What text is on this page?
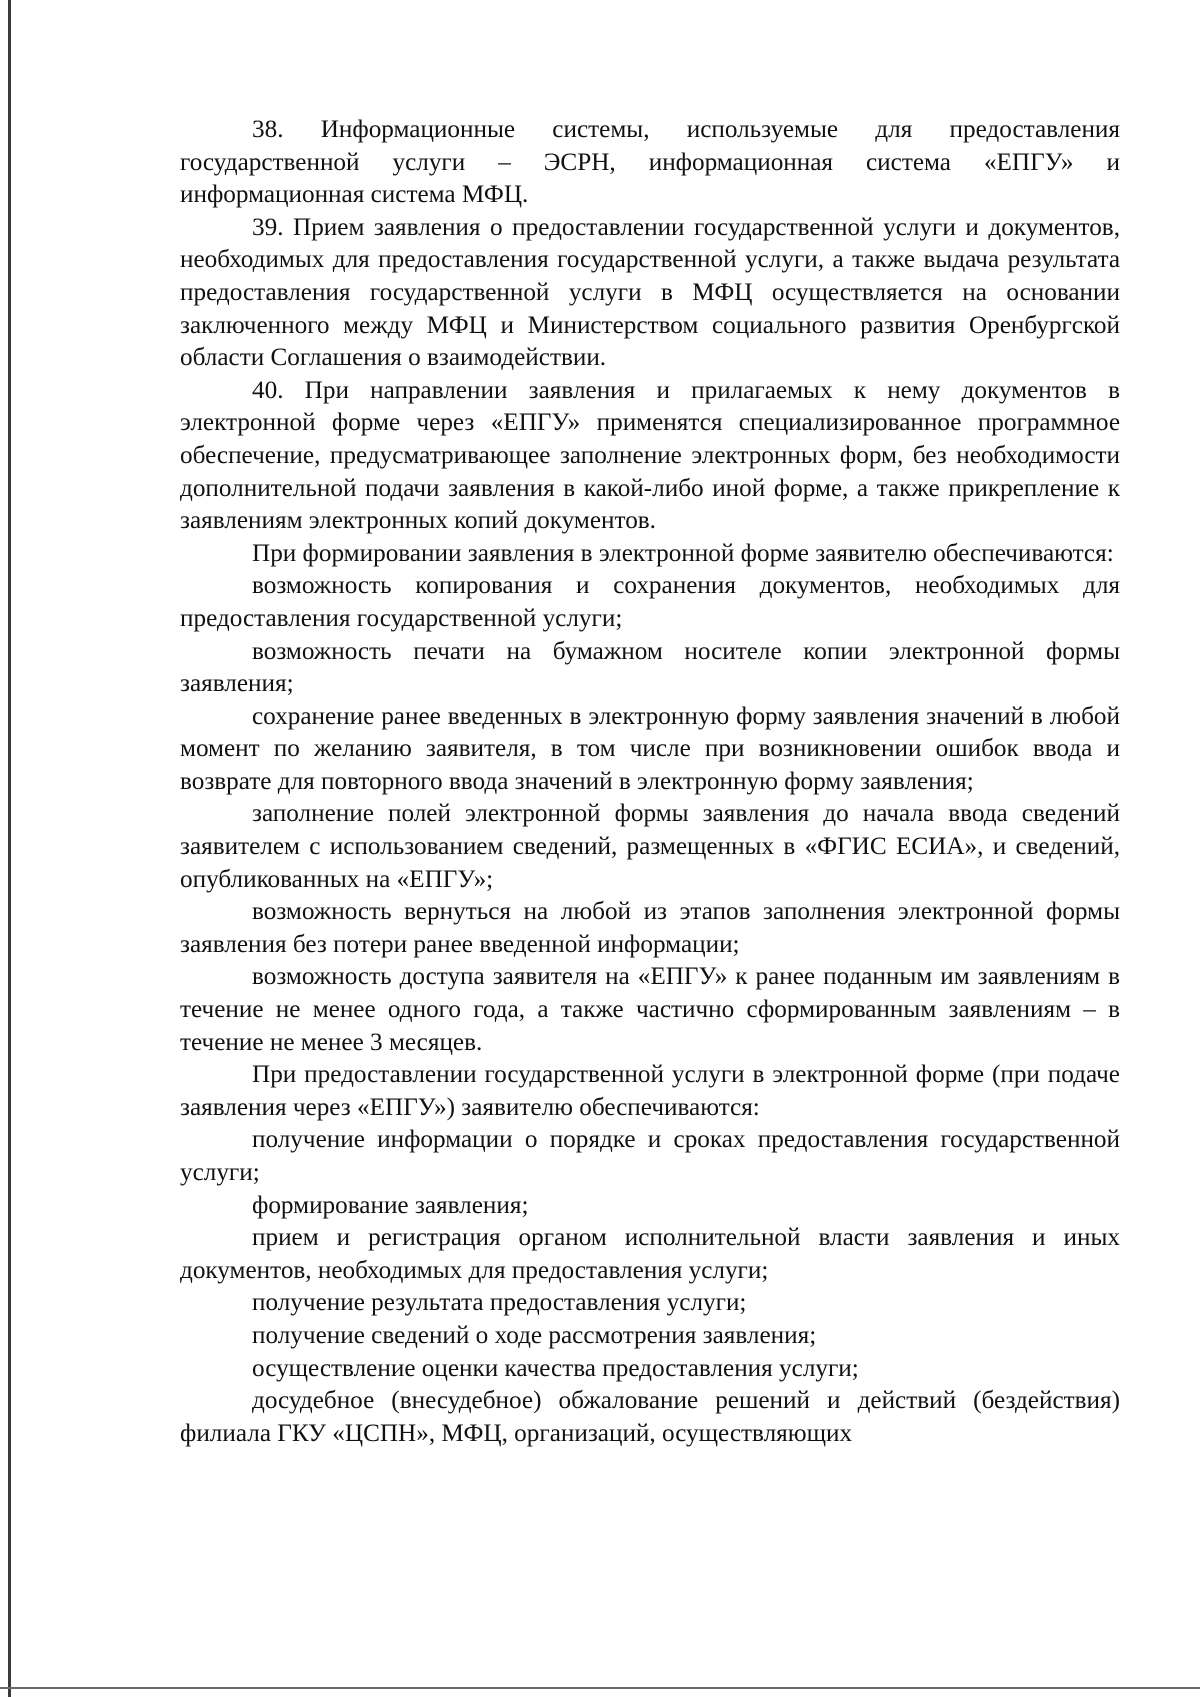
38. Информационные системы, используемые для предоставления государственной услуги – ЭСРН, информационная система «ЕПГУ» и информационная система МФЦ.

39. Прием заявления о предоставлении государственной услуги и документов, необходимых для предоставления государственной услуги, а также выдача результата предоставления государственной услуги в МФЦ осуществляется на основании заключенного между МФЦ и Министерством социального развития Оренбургской области Соглашения о взаимодействии.

40. При направлении заявления и прилагаемых к нему документов в электронной форме через «ЕПГУ» применятся специализированное программное обеспечение, предусматривающее заполнение электронных форм, без необходимости дополнительной подачи заявления в какой-либо иной форме, а также прикрепление к заявлениям электронных копий документов.

При формировании заявления в электронной форме заявителю обеспечиваются:

возможность копирования и сохранения документов, необходимых для предоставления государственной услуги;

возможность печати на бумажном носителе копии электронной формы заявления;

сохранение ранее введенных в электронную форму заявления значений в любой момент по желанию заявителя, в том числе при возникновении ошибок ввода и возврате для повторного ввода значений в электронную форму заявления;

заполнение полей электронной формы заявления до начала ввода сведений заявителем с использованием сведений, размещенных в «ФГИС ЕСИА», и сведений, опубликованных на «ЕПГУ»;

возможность вернуться на любой из этапов заполнения электронной формы заявления без потери ранее введенной информации;

возможность доступа заявителя на «ЕПГУ» к ранее поданным им заявлениям в течение не менее одного года, а также частично сформированным заявлениям – в течение не менее 3 месяцев.

При предоставлении государственной услуги в электронной форме (при подаче заявления через «ЕПГУ») заявителю обеспечиваются:

получение информации о порядке и сроках предоставления государственной услуги;

формирование заявления;

прием и регистрация органом исполнительной власти заявления и иных документов, необходимых для предоставления услуги;

получение результата предоставления услуги;

получение сведений о ходе рассмотрения заявления;

осуществление оценки качества предоставления услуги;

досудебное (внесудебное) обжалование решений и действий (бездействия) филиала ГКУ «ЦСПН», МФЦ, организаций, осуществляющих
